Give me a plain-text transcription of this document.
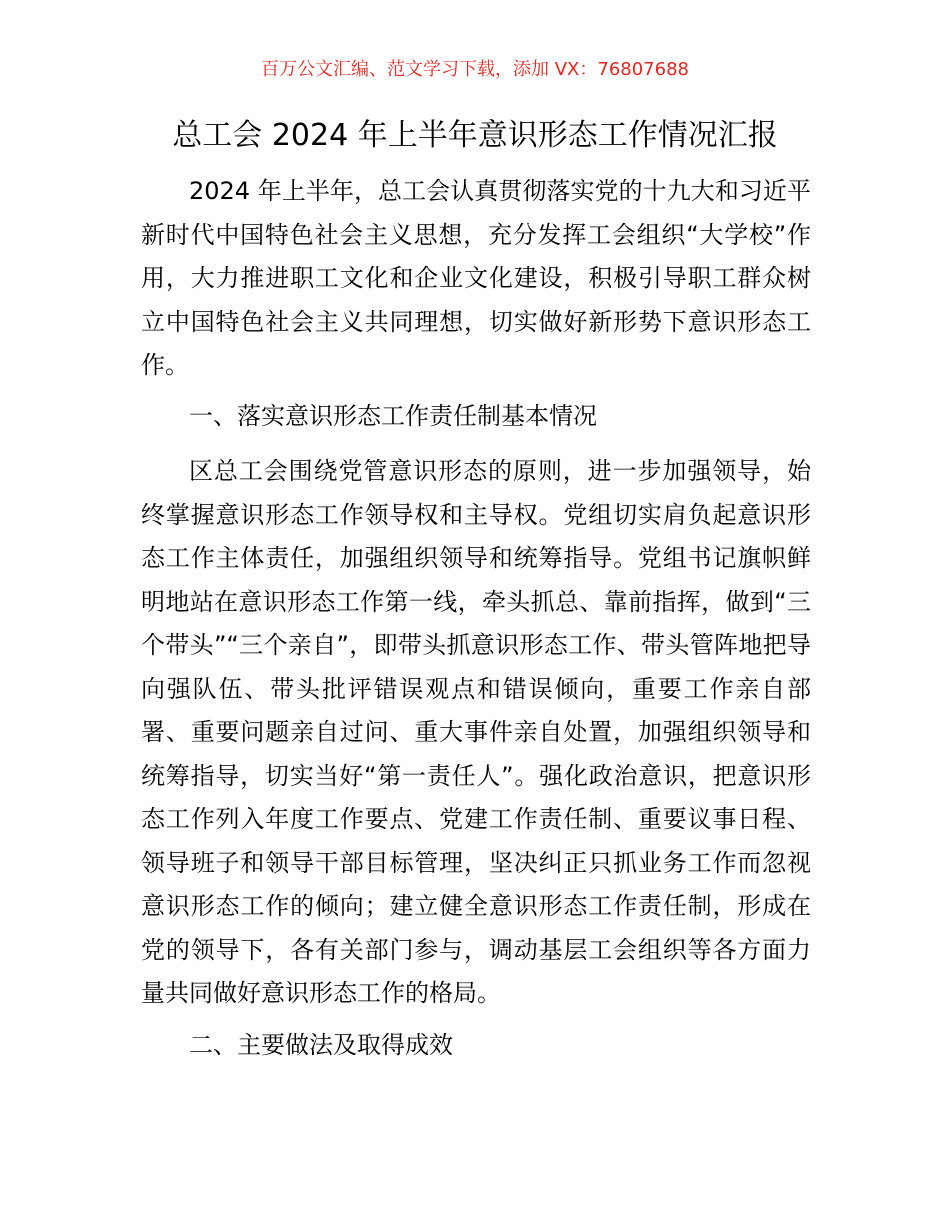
百万公文汇编、范文学习下载，添加 VX：76807688
总工会 2024 年上半年意识形态工作情况汇报

2024 年上半年，总工会认真贯彻落实党的十九大和习近平新时代中国特色社会主义思想，充分发挥工会组织“大学校”作用，大力推进职工文化和企业文化建设，积极引导职工群众树立中国特色社会主义共同理想，切实做好新形势下意识形态工作。

一、落实意识形态工作责任制基本情况

区总工会围绕党管意识形态的原则，进一步加强领导，始终掌握意识形态工作领导权和主导权。党组切实肩负起意识形态工作主体责任，加强组织领导和统筹指导。党组书记旗帜鲜明地站在意识形态工作第一线，牵头抓总、靠前指挥，做到“三个带头”“三个亲自”，即带头抓意识形态工作、带头管阵地把导向强队伍、带头批评错误观点和错误倾向，重要工作亲自部署、重要问题亲自过问、重大事件亲自处置，加强组织领导和统筹指导，切实当好“第一责任人”。强化政治意识，把意识形态工作列入年度工作要点、党建工作责任制、重要议事日程、领导班子和领导干部目标管理，坚决纠正只抓业务工作而忽视意识形态工作的倾向；建立健全意识形态工作责任制，形成在党的领导下，各有关部门参与，调动基层工会组织等各方面力量共同做好意识形态工作的格局。

二、主要做法及取得成效
